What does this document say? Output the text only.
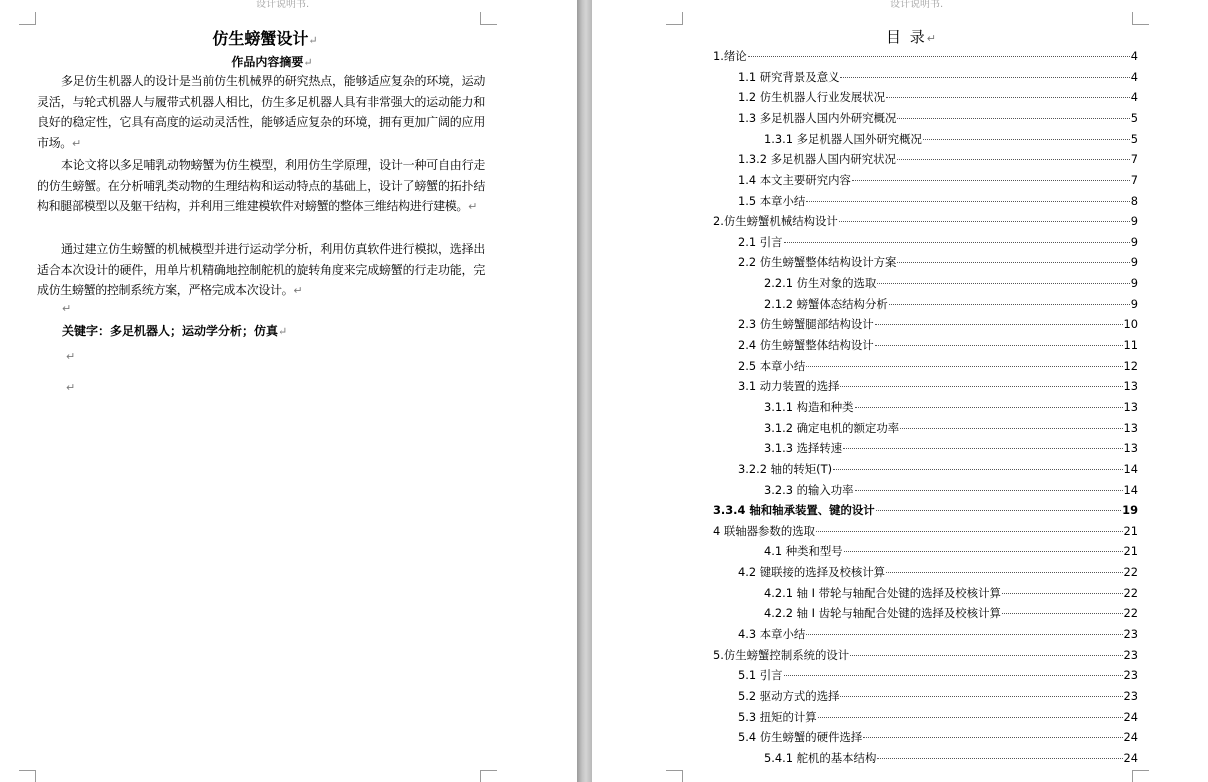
设计说明书.
仿生螃蟹设计↵
作品内容摘要↵

多足仿生机器人的设计是当前仿生机械界的研究热点，能够适应复杂的环境，运动灵活，与轮式机器人与履带式机器人相比，仿生多足机器人具有非常强大的运动能力和良好的稳定性，它具有高度的运动灵活性，能够适应复杂的环境，拥有更加广阔的应用市场。↵

本论文将以多足哺乳动物螃蟹为仿生模型，利用仿生学原理，设计一种可自由行走的仿生螃蟹。在分析哺乳类动物的生理结构和运动特点的基础上，设计了螃蟹的拓扑结构和腿部模型以及躯干结构，并利用三维建模软件对螃蟹的整体三维结构进行建模。↵

通过建立仿生螃蟹的机械模型并进行运动学分析，利用仿真软件进行模拟，选择出适合本次设计的硬件，用单片机精确地控制舵机的旋转角度来完成螃蟹的行走功能，完成仿生螃蟹的控制系统方案，严格完成本次设计。↵

↵
关键字：多足机器人；运动学分析；仿真↵
↵
↵
设计说明书.
目 录↵
1.绪论	4
1.1 研究背景及意义	4
1.2 仿生机器人行业发展状况	4
1.3 多足机器人国内外研究概况	5
1.3.1 多足机器人国外研究概况	5
1.3.2 多足机器人国内研究状况	7
1.4 本文主要研究内容	7
1.5 本章小结	8
2.仿生螃蟹机械结构设计	9
2.1 引言	9
2.2 仿生螃蟹整体结构设计方案	9
2.2.1 仿生对象的选取	9
2.1.2 螃蟹体态结构分析	9
2.3 仿生螃蟹腿部结构设计	10
2.4 仿生螃蟹整体结构设计	11
2.5 本章小结	12
3.1 动力装置的选择	13
3.1.1 构造和种类	13
3.1.2 确定电机的额定功率	13
3.1.3 选择转速	13
3.2.2 轴的转矩(T)	14
3.2.3 的输入功率	14
3.3.4 轴和轴承装置、键的设计	19
4 联轴器参数的选取	21
4.1 种类和型号	21
4.2 键联接的选择及校核计算	22
4.2.1 轴 I 带轮与轴配合处键的选择及校核计算	22
4.2.2 轴 I 齿轮与轴配合处键的选择及校核计算	22
4.3 本章小结	23
5.仿生螃蟹控制系统的设计	23
5.1 引言	23
5.2 驱动方式的选择	23
5.3 扭矩的计算	24
5.4 仿生螃蟹的硬件选择	24
5.4.1 舵机的基本结构	24
